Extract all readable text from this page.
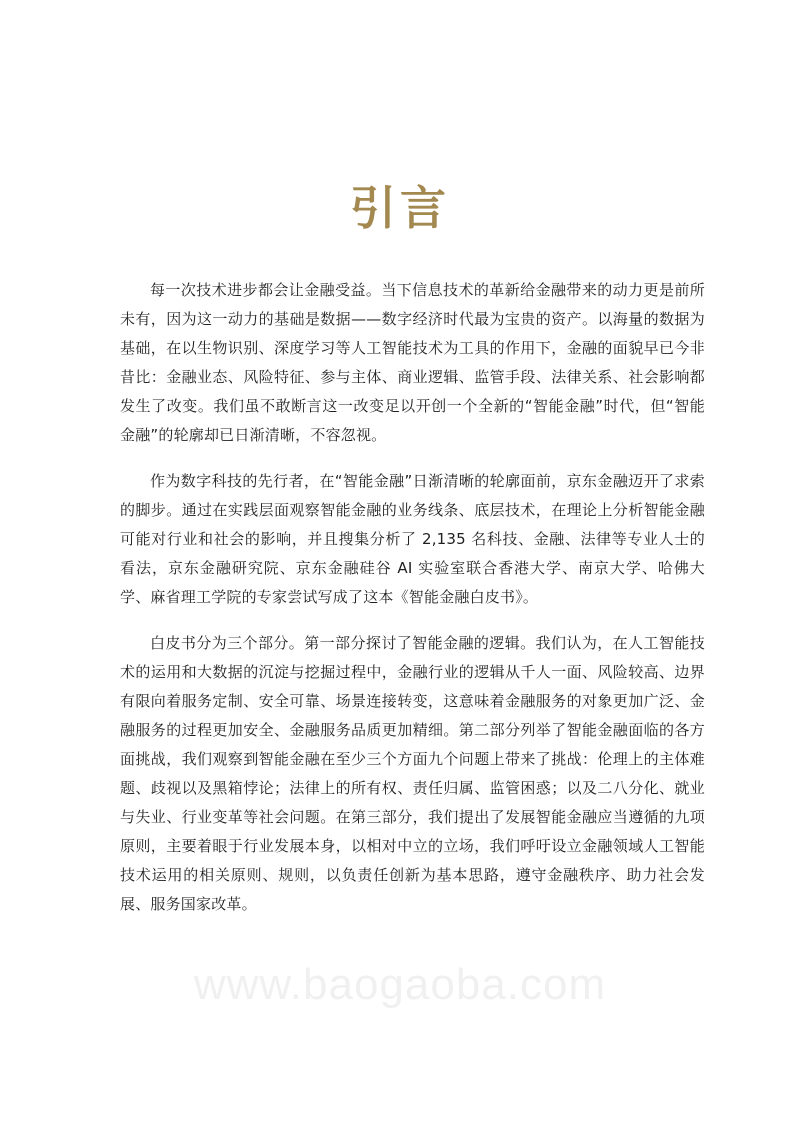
引言

每一次技术进步都会让金融受益。当下信息技术的革新给金融带来的动力更是前所未有，因为这一动力的基础是数据——数字经济时代最为宝贵的资产。以海量的数据为基础，在以生物识别、深度学习等人工智能技术为工具的作用下，金融的面貌早已今非昔比：金融业态、风险特征、参与主体、商业逻辑、监管手段、法律关系、社会影响都发生了改变。我们虽不敢断言这一改变足以开创一个全新的“智能金融”时代，但“智能金融”的轮廓却已日渐清晰，不容忽视。

作为数字科技的先行者，在“智能金融”日渐清晰的轮廓面前，京东金融迈开了求索的脚步。通过在实践层面观察智能金融的业务线条、底层技术，在理论上分析智能金融可能对行业和社会的影响，并且搜集分析了 2,135 名科技、金融、法律等专业人士的看法，京东金融研究院、京东金融硅谷 AI 实验室联合香港大学、南京大学、哈佛大学、麻省理工学院的专家尝试写成了这本《智能金融白皮书》。

白皮书分为三个部分。第一部分探讨了智能金融的逻辑。我们认为，在人工智能技术的运用和大数据的沉淀与挖掘过程中，金融行业的逻辑从千人一面、风险较高、边界有限向着服务定制、安全可靠、场景连接转变，这意味着金融服务的对象更加广泛、金融服务的过程更加安全、金融服务品质更加精细。第二部分列举了智能金融面临的各方面挑战，我们观察到智能金融在至少三个方面九个问题上带来了挑战：伦理上的主体难题、歧视以及黑箱悖论；法律上的所有权、责任归属、监管困惑；以及二八分化、就业与失业、行业变革等社会问题。在第三部分，我们提出了发展智能金融应当遵循的九项原则，主要着眼于行业发展本身，以相对中立的立场，我们呼吁设立金融领域人工智能技术运用的相关原则、规则，以负责任创新为基本思路，遵守金融秩序、助力社会发展、服务国家改革。

www.baogaoba.com
